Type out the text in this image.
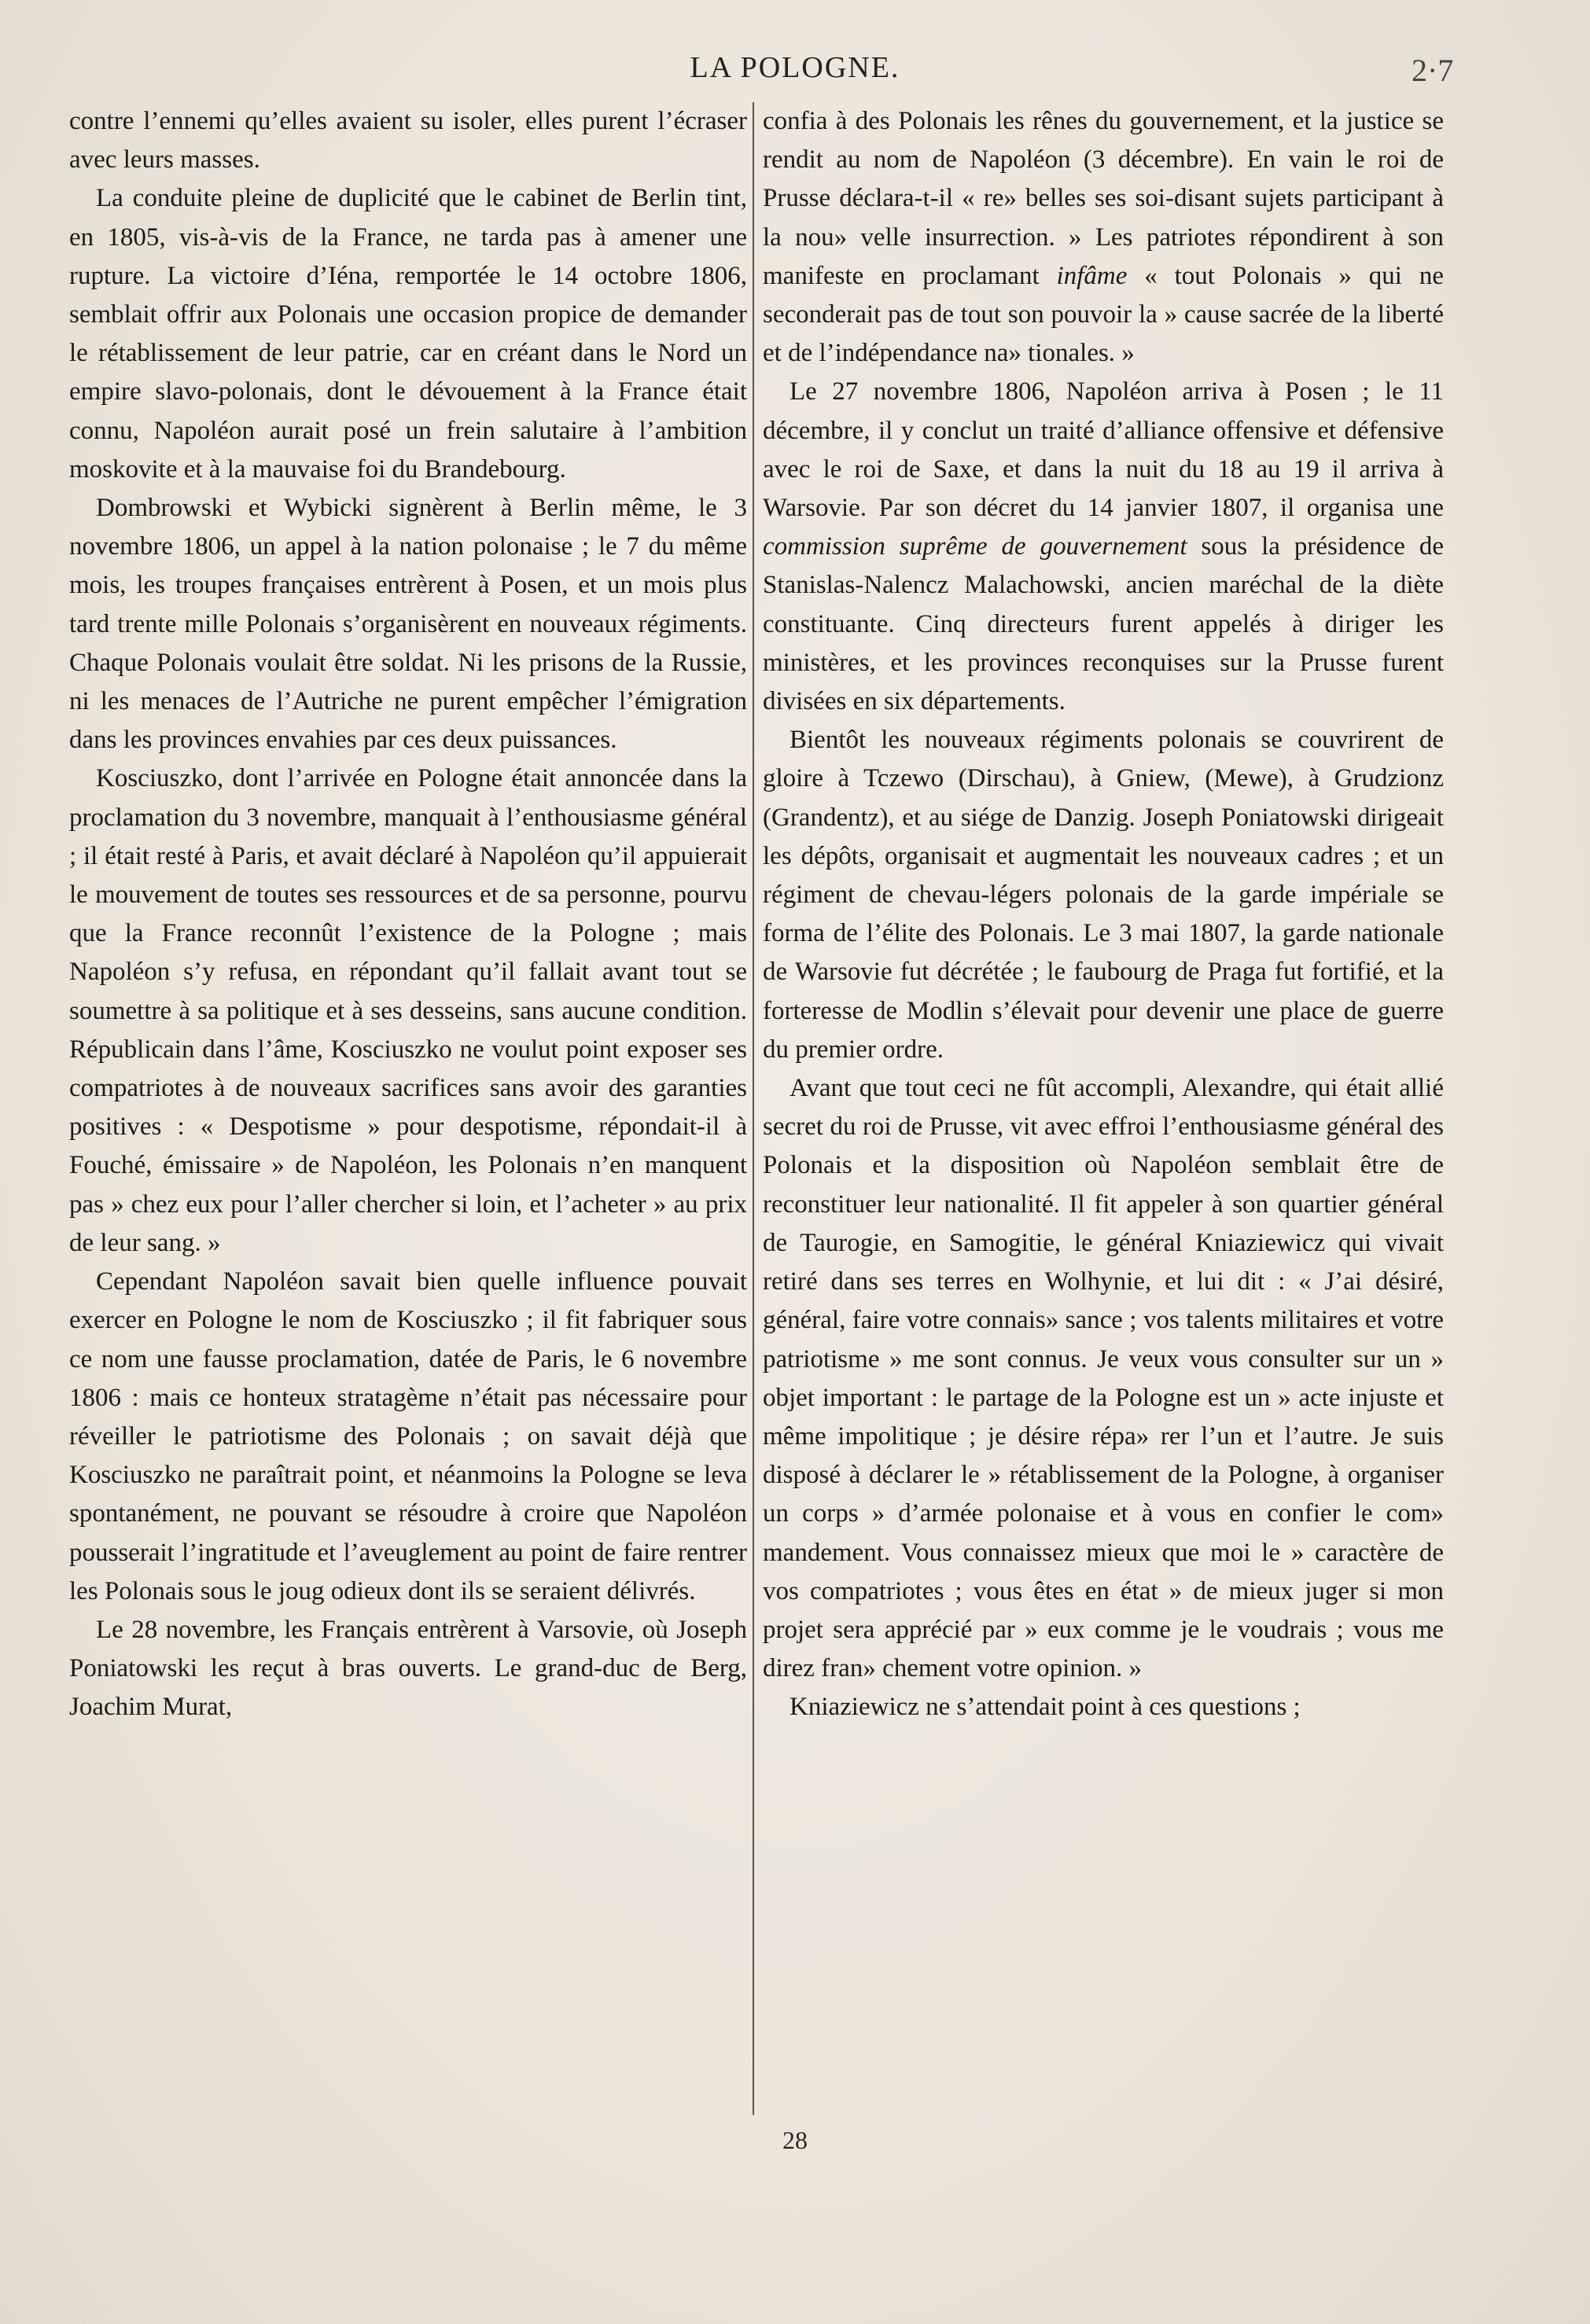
LA POLOGNE.	2·7

contre l’ennemi qu’elles avaient su isoler, elles purent l’écraser avec leurs masses.

La conduite pleine de duplicité que le cabinet de Berlin tint, en 1805, vis-à-vis de la France, ne tarda pas à amener une rupture. La victoire d’Iéna, remportée le 14 octobre 1806, semblait offrir aux Polonais une occasion propice de demander le rétablissement de leur patrie, car en créant dans le Nord un empire slavo-polonais, dont le dévouement à la France était connu, Napoléon aurait posé un frein salutaire à l’ambition moskovite et à la mauvaise foi du Brandebourg.

Dombrowski et Wybicki signèrent à Berlin même, le 3 novembre 1806, un appel à la nation polonaise ; le 7 du même mois, les troupes françaises entrèrent à Posen, et un mois plus tard trente mille Polonais s’organisèrent en nouveaux régiments. Chaque Polonais voulait être soldat. Ni les prisons de la Russie, ni les menaces de l’Autriche ne purent empêcher l’émigration dans les provinces envahies par ces deux puissances.

Kosciuszko, dont l’arrivée en Pologne était annoncée dans la proclamation du 3 novembre, manquait à l’enthousiasme général ; il était resté à Paris, et avait déclaré à Napoléon qu’il appuierait le mouvement de toutes ses ressources et de sa personne, pourvu que la France reconnût l’existence de la Pologne ; mais Napoléon s’y refusa, en répondant qu’il fallait avant tout se soumettre à sa politique et à ses desseins, sans aucune condition. Républicain dans l’âme, Kosciuszko ne voulut point exposer ses compatriotes à de nouveaux sacrifices sans avoir des garanties positives : « Despotisme » pour despotisme, répondait-il à Fouché, émissaire » de Napoléon, les Polonais n’en manquent pas » chez eux pour l’aller chercher si loin, et l’acheter » au prix de leur sang. »

Cependant Napoléon savait bien quelle influence pouvait exercer en Pologne le nom de Kosciuszko ; il fit fabriquer sous ce nom une fausse proclamation, datée de Paris, le 6 novembre 1806 : mais ce honteux stratagème n’était pas nécessaire pour réveiller le patriotisme des Polonais ; on savait déjà que Kosciuszko ne paraîtrait point, et néanmoins la Pologne se leva spontanément, ne pouvant se résoudre à croire que Napoléon pousserait l’ingratitude et l’aveuglement au point de faire rentrer les Polonais sous le joug odieux dont ils se seraient délivrés.

Le 28 novembre, les Français entrèrent à Varsovie, où Joseph Poniatowski les reçut à bras ouverts. Le grand-duc de Berg, Joachim Murat,

confia à des Polonais les rênes du gouvernement, et la justice se rendit au nom de Napoléon (3 décembre). En vain le roi de Prusse déclara-t-il « re» belles ses soi-disant sujets participant à la nou» velle insurrection. » Les patriotes répondirent à son manifeste en proclamant infâme « tout Polonais » qui ne seconderait pas de tout son pouvoir la » cause sacrée de la liberté et de l’indépendance na» tionales. »

Le 27 novembre 1806, Napoléon arriva à Posen ; le 11 décembre, il y conclut un traité d’alliance offensive et défensive avec le roi de Saxe, et dans la nuit du 18 au 19 il arriva à Warsovie. Par son décret du 14 janvier 1807, il organisa une commission suprême de gouvernement sous la présidence de Stanislas-Nalencz Malachowski, ancien maréchal de la diète constituante. Cinq directeurs furent appelés à diriger les ministères, et les provinces reconquises sur la Prusse furent divisées en six départements.

Bientôt les nouveaux régiments polonais se couvrirent de gloire à Tczewo (Dirschau), à Gniew, (Mewe), à Grudzionz (Grandentz), et au siége de Danzig. Joseph Poniatowski dirigeait les dépôts, organisait et augmentait les nouveaux cadres ; et un régiment de chevau-légers polonais de la garde impériale se forma de l’élite des Polonais. Le 3 mai 1807, la garde nationale de Warsovie fut décrétée ; le faubourg de Praga fut fortifié, et la forteresse de Modlin s’élevait pour devenir une place de guerre du premier ordre.

Avant que tout ceci ne fût accompli, Alexandre, qui était allié secret du roi de Prusse, vit avec effroi l’enthousiasme général des Polonais et la disposition où Napoléon semblait être de reconstituer leur nationalité. Il fit appeler à son quartier général de Taurogie, en Samogitie, le général Kniaziewicz qui vivait retiré dans ses terres en Wolhynie, et lui dit : « J’ai désiré, général, faire votre connais» sance ; vos talents militaires et votre patriotisme » me sont connus. Je veux vous consulter sur un » objet important : le partage de la Pologne est un » acte injuste et même impolitique ; je désire répa» rer l’un et l’autre. Je suis disposé à déclarer le » rétablissement de la Pologne, à organiser un corps » d’armée polonaise et à vous en confier le com» mandement. Vous connaissez mieux que moi le » caractère de vos compatriotes ; vous êtes en état » de mieux juger si mon projet sera apprécié par » eux comme je le voudrais ; vous me direz fran» chement votre opinion. »

Kniaziewicz ne s’attendait point à ces questions ;

28
